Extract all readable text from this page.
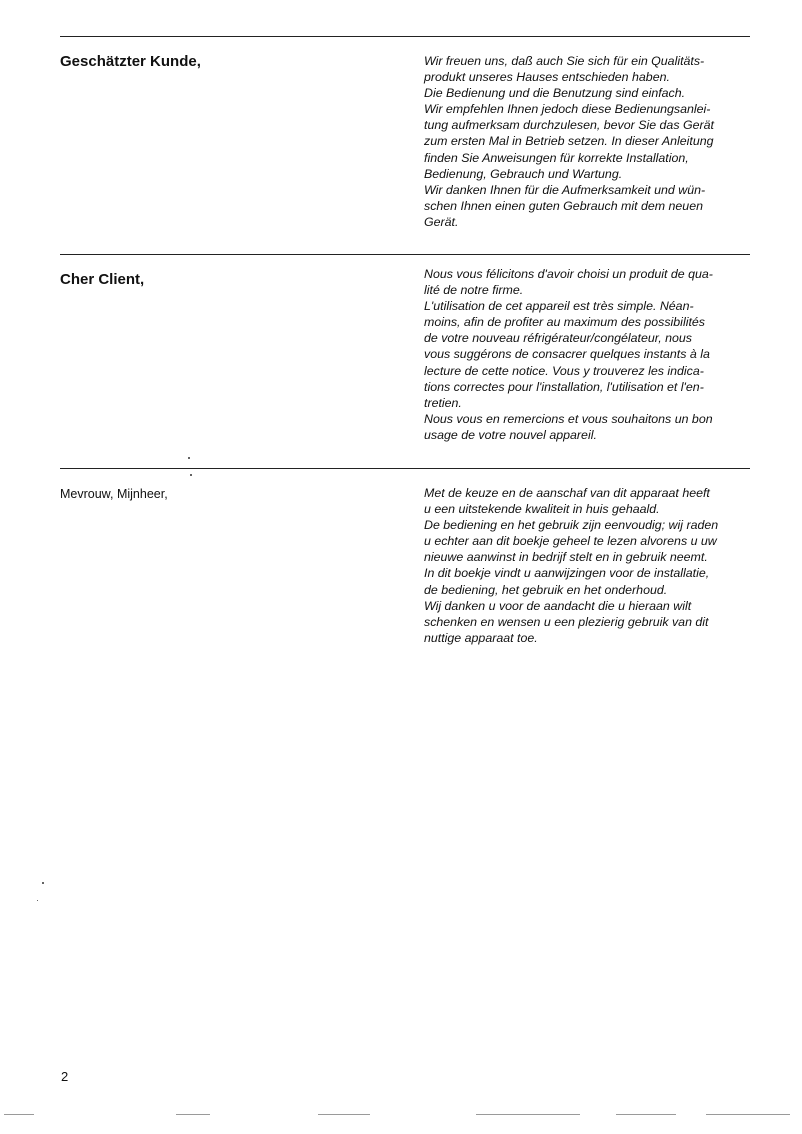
Geschätzter Kunde,	Wir freuen uns, daß auch Sie sich für ein Qualitäts-
produkt unseres Hauses entschieden haben.
Die Bedienung und die Benutzung sind einfach.
Wir empfehlen Ihnen jedoch diese Bedienungsanlei-
tung aufmerksam durchzulesen, bevor Sie das Gerät
zum ersten Mal in Betrieb setzen. In dieser Anleitung
finden Sie Anweisungen für korrekte Installation,
Bedienung, Gebrauch und Wartung.
Wir danken Ihnen für die Aufmerksamkeit und wün-
schen Ihnen einen guten Gebrauch mit dem neuen
Gerät.

Cher Client,	Nous vous félicitons d'avoir choisi un produit de qua-
lité de notre firme.
L'utilisation de cet appareil est très simple. Néan-
moins, afin de profiter au maximum des possibilités
de votre nouveau réfrigérateur/congélateur, nous
vous suggérons de consacrer quelques instants à la
lecture de cette notice. Vous y trouverez les indica-
tions correctes pour l'installation, l'utilisation et l'en-
tretien.
Nous vous en remercions et vous souhaitons un bon
usage de votre nouvel appareil.

Mevrouw, Mijnheer,	Met de keuze en de aanschaf van dit apparaat heeft
u een uitstekende kwaliteit in huis gehaald.
De bediening en het gebruik zijn eenvoudig; wij raden
u echter aan dit boekje geheel te lezen alvorens u uw
nieuwe aanwinst in bedrijf stelt en in gebruik neemt.
In dit boekje vindt u aanwijzingen voor de installatie,
de bediening, het gebruik en het onderhoud.
Wij danken u voor de aandacht die u hieraan wilt
schenken en wensen u een plezierig gebruik van dit
nuttige apparaat toe.

2
